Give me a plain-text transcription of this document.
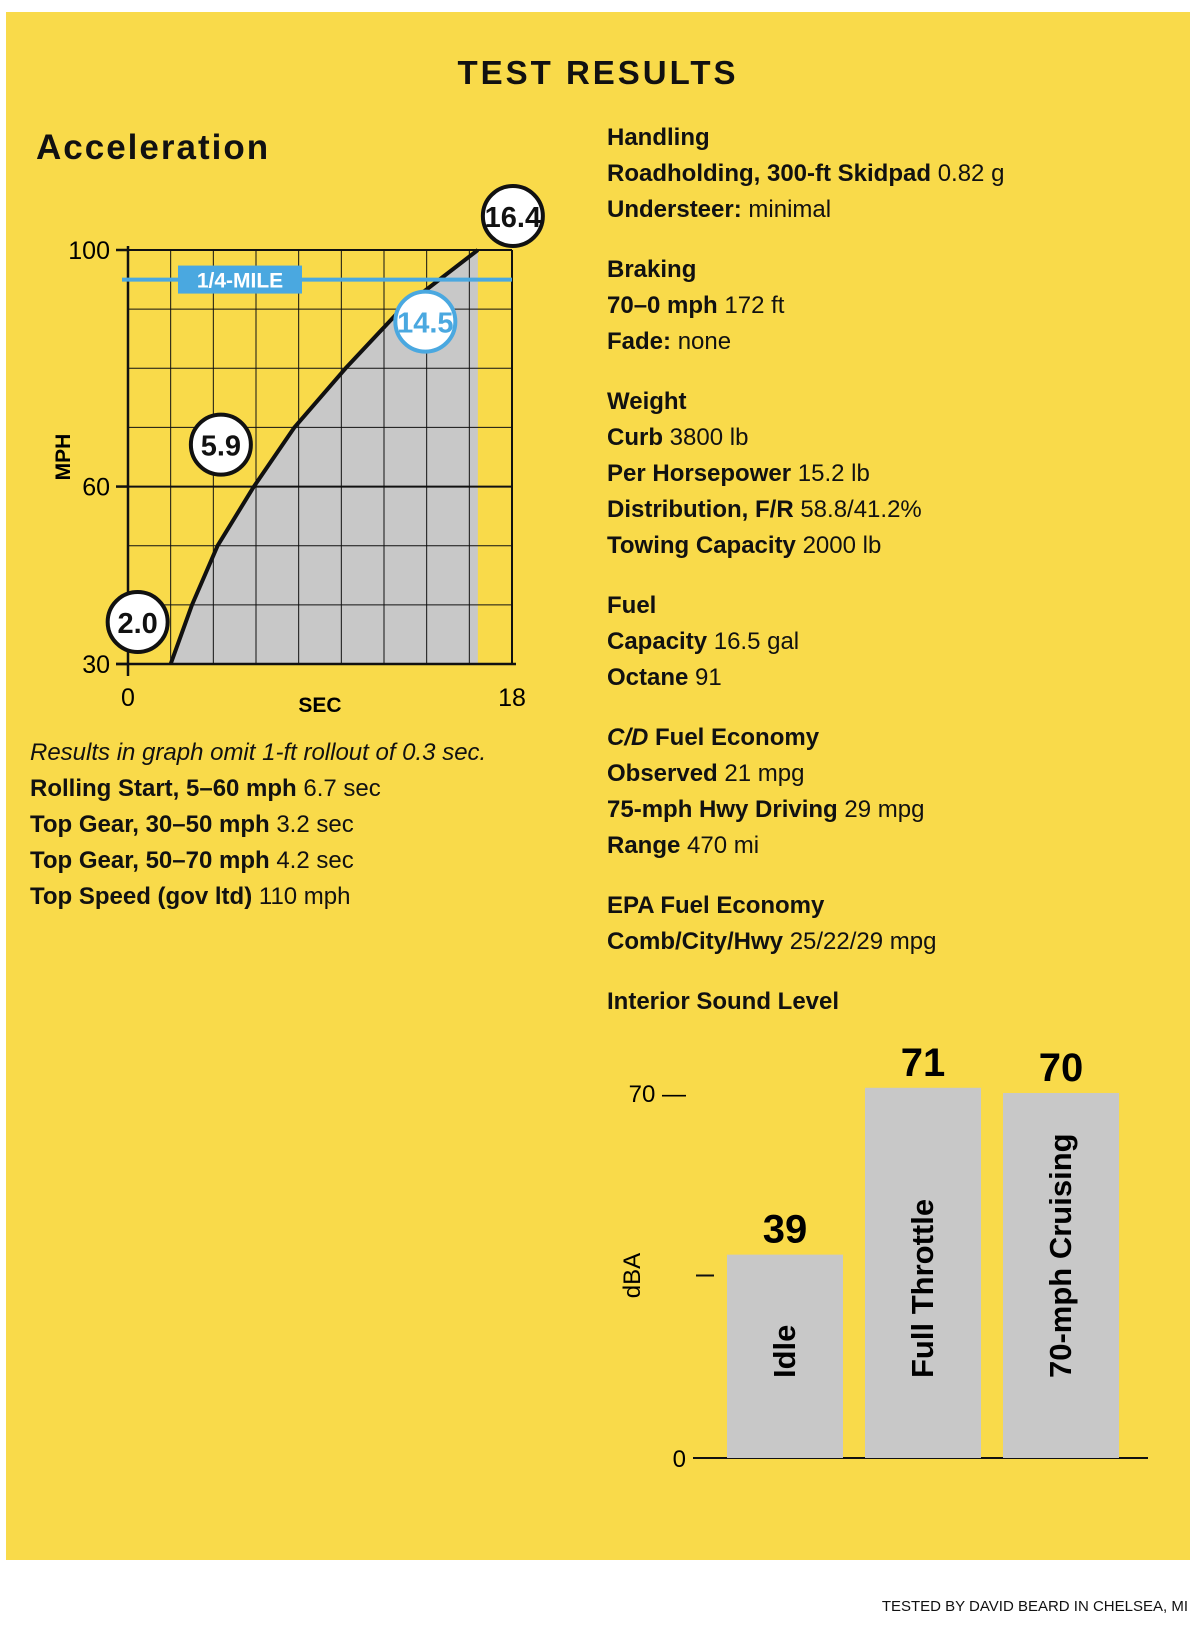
TEST RESULTS
Acceleration
1/4-MILE
30
60
100
0	18
SEC
MPH
2.0
5.9
14.5
16.4
0
70 —
dBA
39
Idle
71
Full Throttle
70
70-mph Cruising
Results in graph omit 1-ft rollout of 0.3 sec.
Rolling Start, 5–60 mph 6.7 sec
Top Gear, 30–50 mph 3.2 sec
Top Gear, 50–70 mph 4.2 sec
Top Speed (gov ltd) 110 mph
Handling
Roadholding, 300-ft Skidpad 0.82 g
Understeer: minimal
Braking
70–0 mph 172 ft
Fade: none
Weight
Curb 3800 lb
Per Horsepower 15.2 lb
Distribution, F/R 58.8/41.2%
Towing Capacity 2000 lb
Fuel
Capacity 16.5 gal
Octane 91
C/D Fuel Economy
Observed 21 mpg
75-mph Hwy Driving 29 mpg
Range 470 mi
EPA Fuel Economy
Comb/City/Hwy 25/22/29 mpg
Interior Sound Level
TESTED BY DAVID BEARD IN CHELSEA, MI
